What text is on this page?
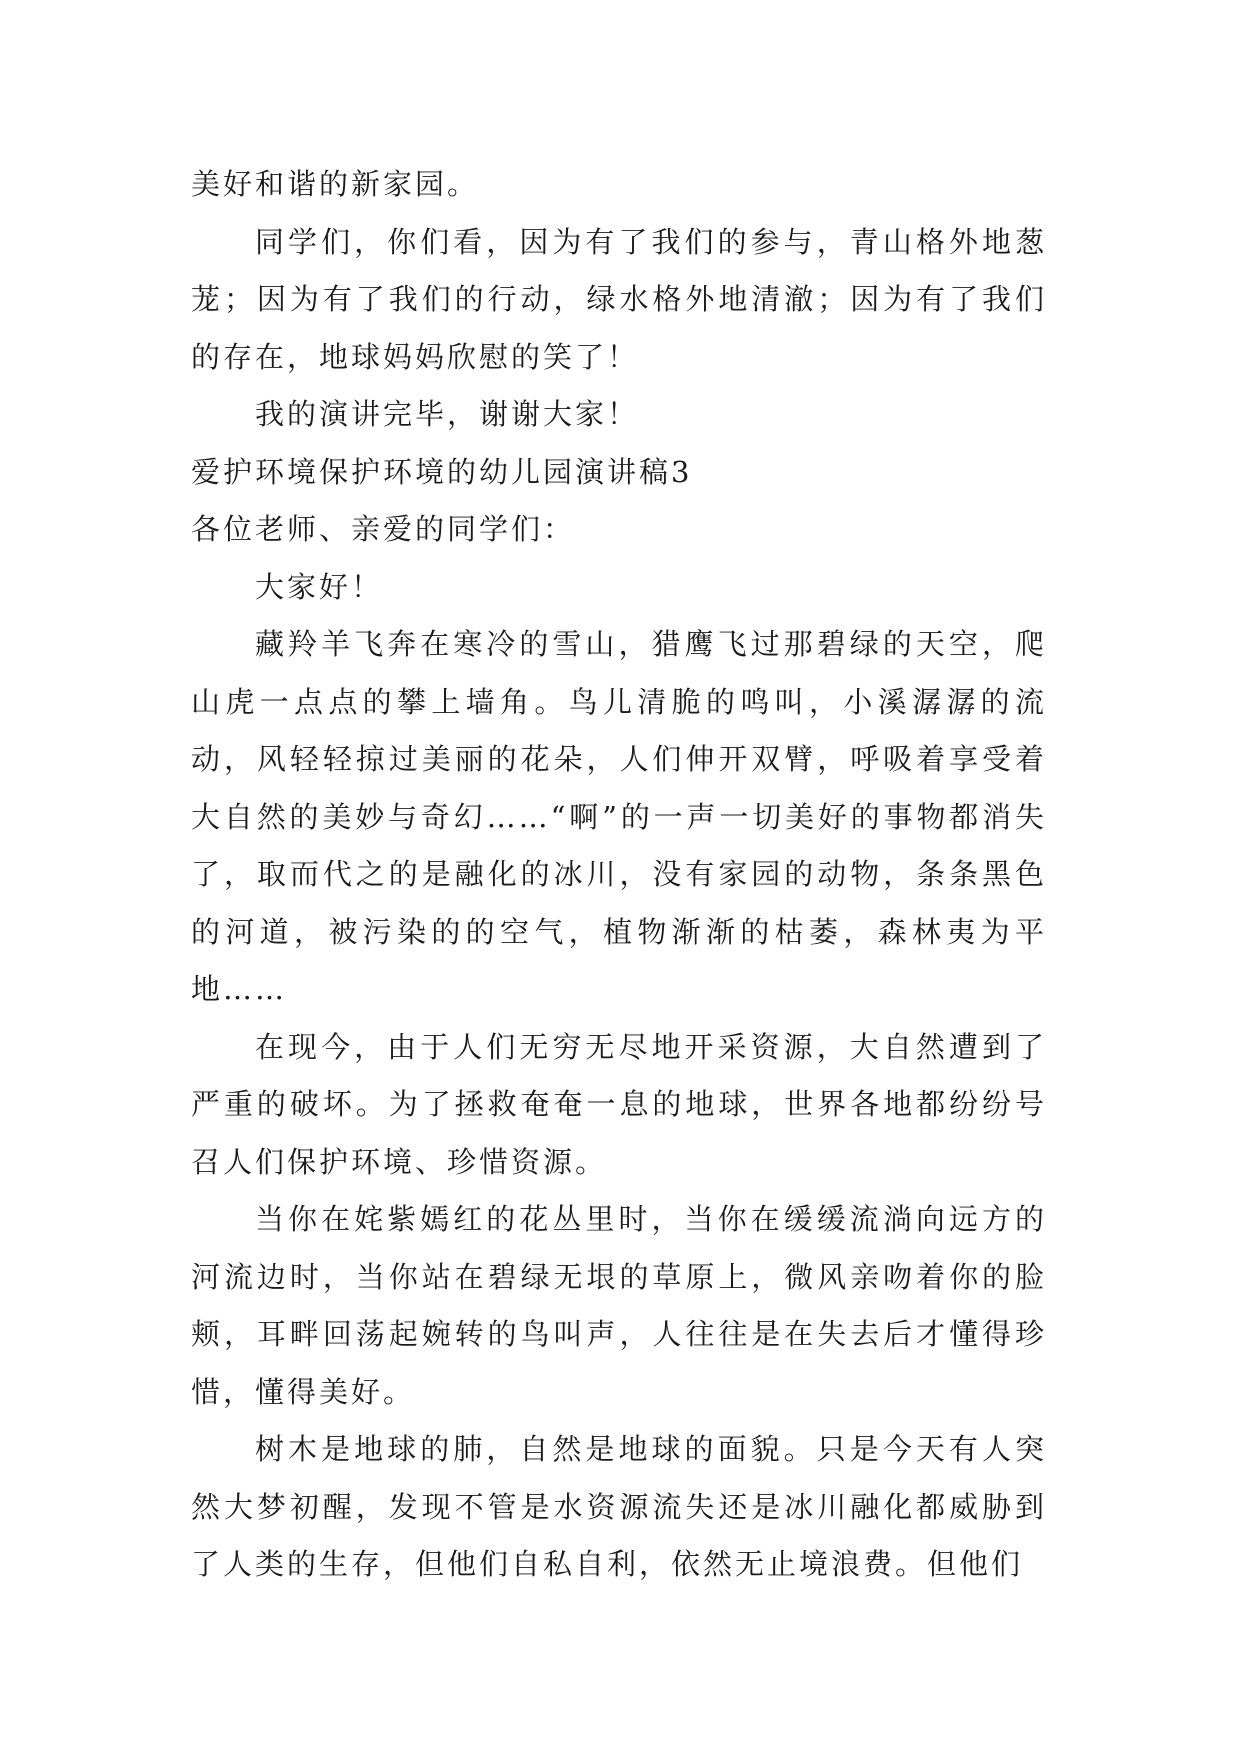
美好和谐的新家园。

同学们，你们看，因为有了我们的参与，青山格外地葱茏；因为有了我们的行动，绿水格外地清澈；因为有了我们的存在，地球妈妈欣慰的笑了！

我的演讲完毕，谢谢大家！

爱护环境保护环境的幼儿园演讲稿3

各位老师、亲爱的同学们：

大家好！

藏羚羊飞奔在寒冷的雪山，猎鹰飞过那碧绿的天空，爬山虎一点点的攀上墙角。鸟儿清脆的鸣叫，小溪潺潺的流动，风轻轻掠过美丽的花朵，人们伸开双臂，呼吸着享受着大自然的美妙与奇幻……“啊”的一声一切美好的事物都消失了，取而代之的是融化的冰川，没有家园的动物，条条黑色的河道，被污染的的空气，植物渐渐的枯萎，森林夷为平地……

在现今，由于人们无穷无尽地开采资源，大自然遭到了严重的破坏。为了拯救奄奄一息的地球，世界各地都纷纷号召人们保护环境、珍惜资源。

当你在姹紫嫣红的花丛里时，当你在缓缓流淌向远方的河流边时，当你站在碧绿无垠的草原上，微风亲吻着你的脸颊，耳畔回荡起婉转的鸟叫声，人往往是在失去后才懂得珍惜，懂得美好。

树木是地球的肺，自然是地球的面貌。只是今天有人突然大梦初醒，发现不管是水资源流失还是冰川融化都威胁到了人类的生存，但他们自私自利，依然无止境浪费。但他们
